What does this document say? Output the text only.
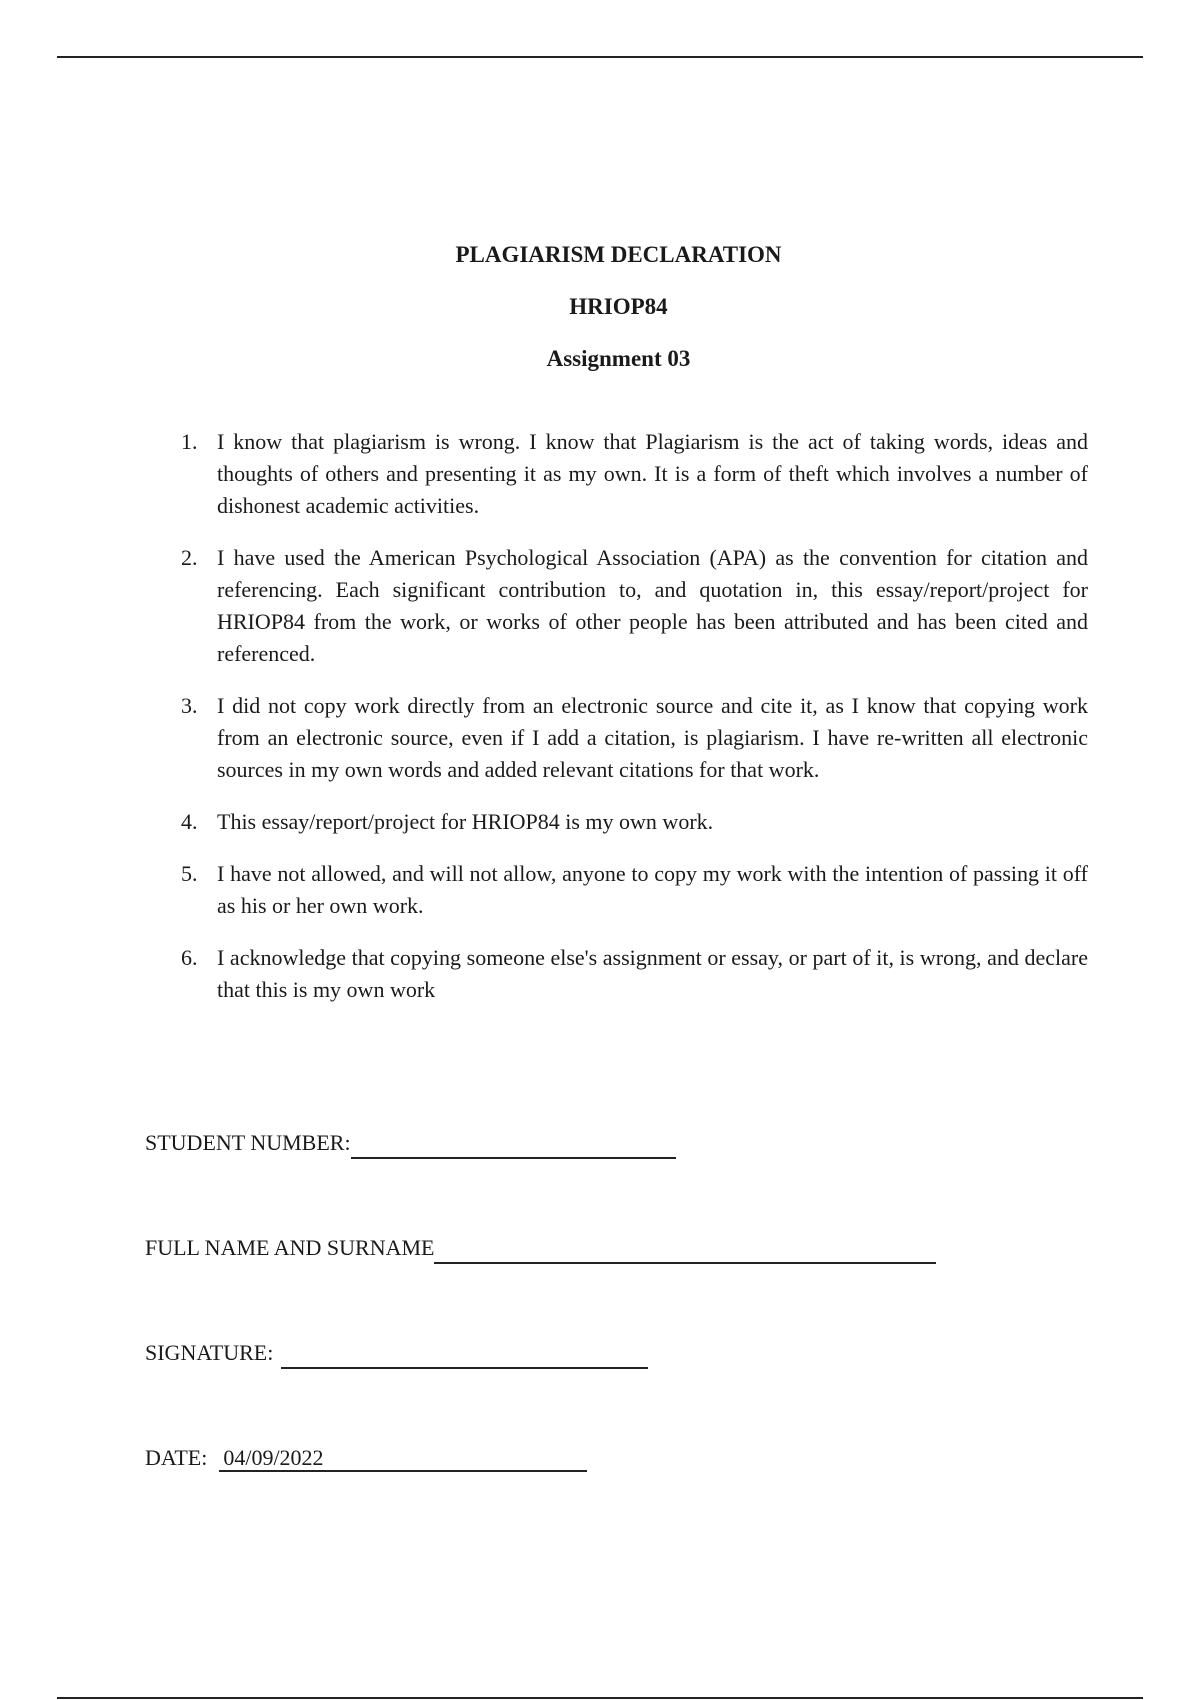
PLAGIARISM DECLARATION
HRIOP84
Assignment 03
1. I know that plagiarism is wrong. I know that Plagiarism is the act of taking words, ideas and thoughts of others and presenting it as my own. It is a form of theft which involves a number of dishonest academic activities.
2. I have used the American Psychological Association (APA) as the convention for citation and referencing. Each significant contribution to, and quotation in, this essay/report/project for HRIOP84 from the work, or works of other people has been attributed and has been cited and referenced.
3. I did not copy work directly from an electronic source and cite it, as I know that copying work from an electronic source, even if I add a citation, is plagiarism. I have re-written all electronic sources in my own words and added relevant citations for that work.
4. This essay/report/project for HRIOP84 is my own work.
5. I have not allowed, and will not allow, anyone to copy my work with the intention of passing it off as his or her own work.
6. I acknowledge that copying someone else's assignment or essay, or part of it, is wrong, and declare that this is my own work
STUDENT NUMBER:
FULL NAME AND SURNAME
SIGNATURE:
DATE: 04/09/2022
